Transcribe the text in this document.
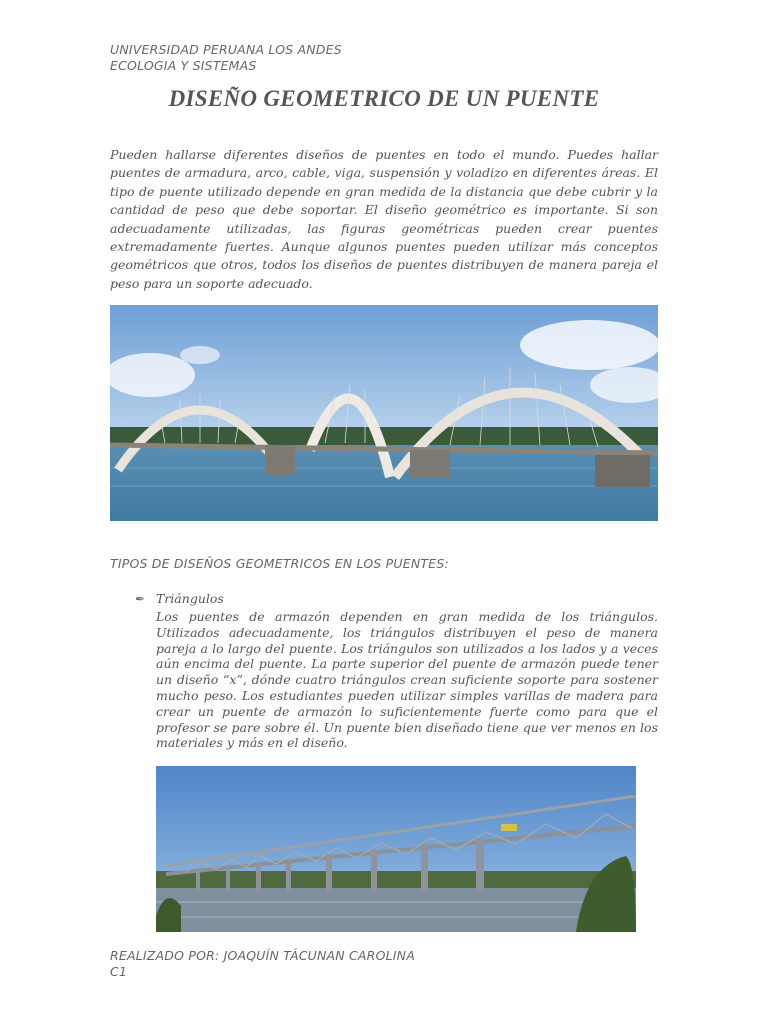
UNIVERSIDAD PERUANA LOS ANDES
ECOLOGIA Y SISTEMAS
DISEÑO GEOMETRICO DE UN PUENTE

Pueden hallarse diferentes diseños de puentes en todo el mundo. Puedes hallar puentes de armadura, arco, cable, viga, suspensión y voladizo en diferentes áreas. El tipo de puente utilizado depende en gran medida de la distancia que debe cubrir y la cantidad de peso que debe soportar. El diseño geométrico es importante. Si son adecuadamente utilizadas, las figuras geométricas pueden crear puentes extremadamente fuertes. Aunque algunos puentes pueden utilizar más conceptos geométricos que otros, todos los diseños de puentes distribuyen de manera pareja el peso para un soporte adecuado.

TIPOS DE DISEÑOS GEOMETRICOS EN LOS PUENTES:

✒ Triángulos

Los puentes de armazón dependen en gran medida de los triángulos. Utilizados adecuadamente, los triángulos distribuyen el peso de manera pareja a lo largo del puente. Los triángulos son utilizados a los lados y a veces aún encima del puente. La parte superior del puente de armazón puede tener un diseño “x”, dónde cuatro triángulos crean suficiente soporte para sostener mucho peso. Los estudiantes pueden utilizar simples varillas de madera para crear un puente de armazón lo suficientemente fuerte como para que el profesor se pare sobre él. Un puente bien diseñado tiene que ver menos en los materiales y más en el diseño.

REALIZADO POR: JOAQUÍN TÁCUNAN CAROLINA
C1
